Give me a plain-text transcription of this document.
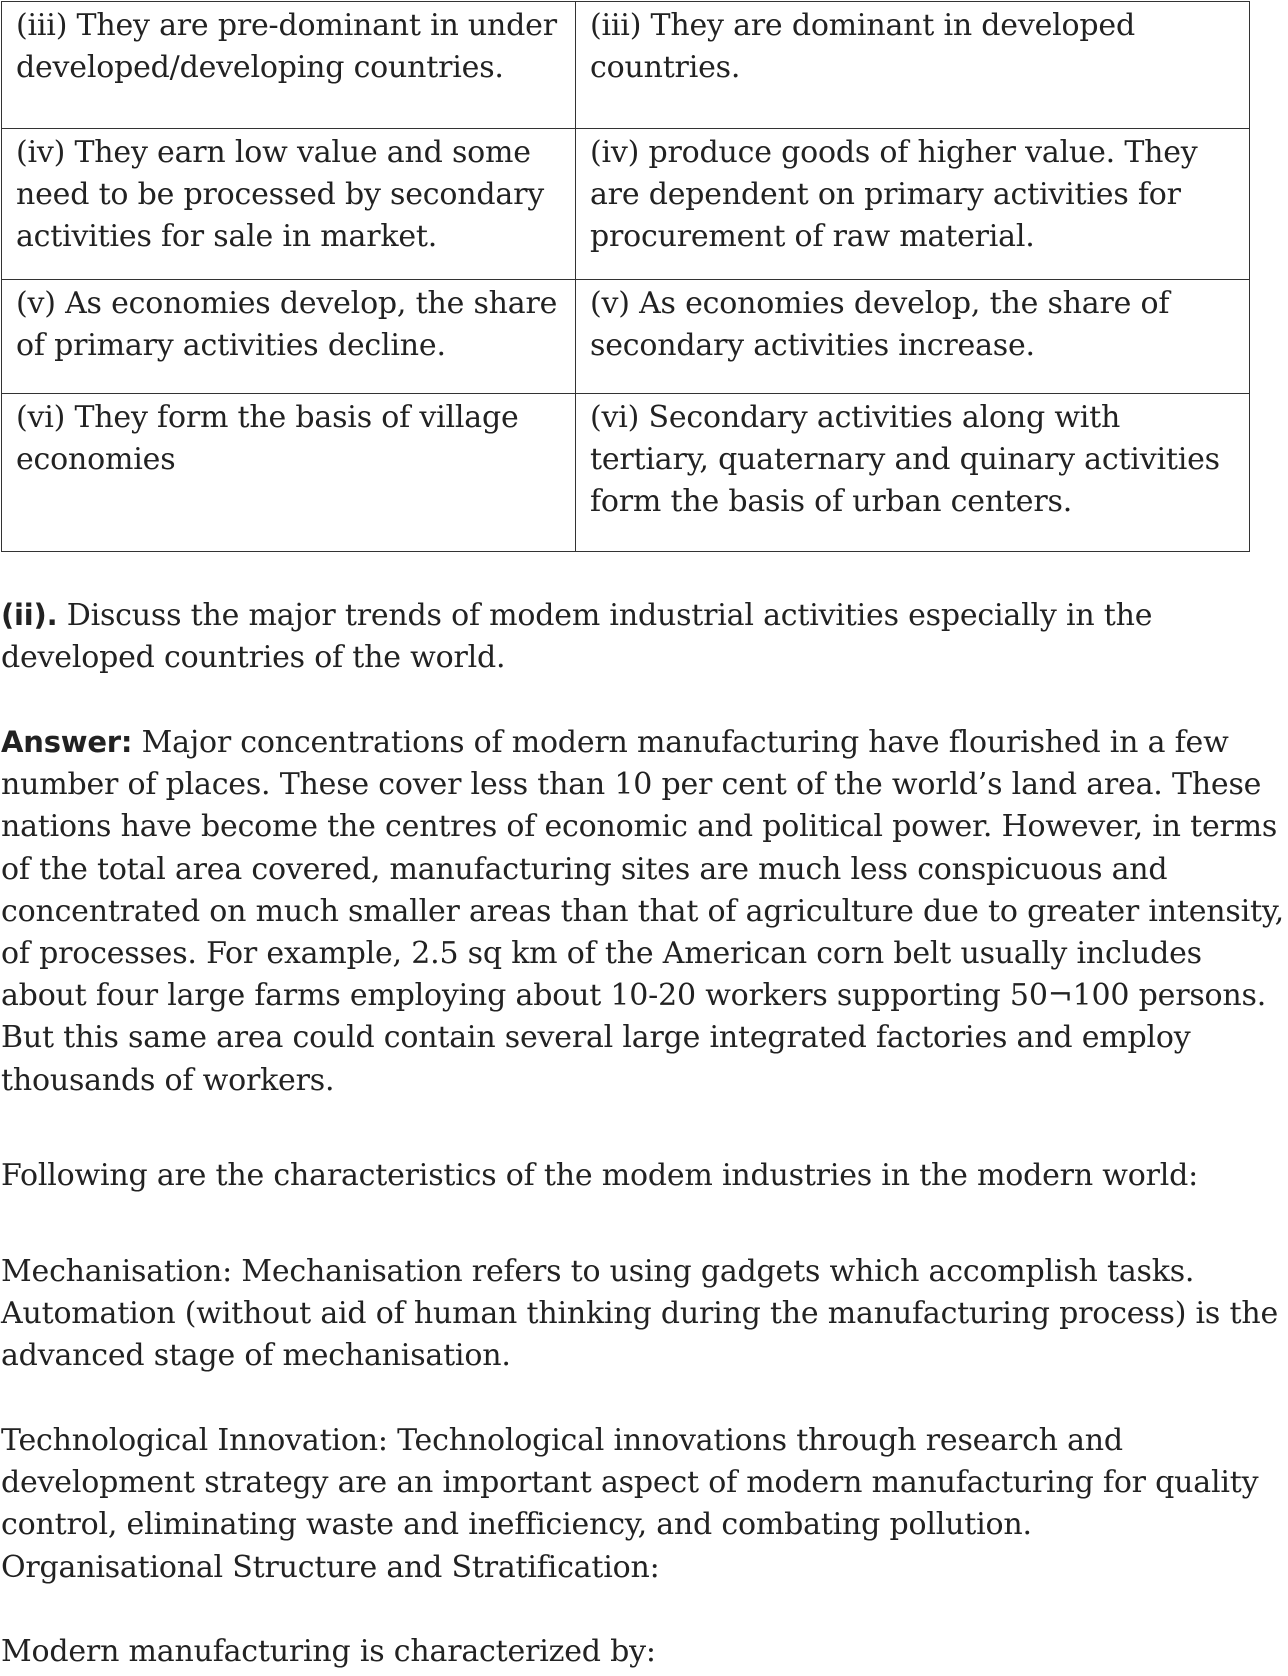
(iii) They are pre-dominant in under developed/developing countries.	(iii) They are dominant in developed countries.
(iv) They earn low value and some need to be processed by secondary activities for sale in market.	(iv) produce goods of higher value. They are dependent on primary activities for procurement of raw material.
(v) As economies develop, the share of primary activities decline.	(v) As economies develop, the share of secondary activities increase.
(vi) They form the basis of village economies	(vi) Secondary activities along with tertiary, quaternary and quinary activities form the basis of urban centers.

(ii). Discuss the major trends of modem industrial activities especially in the developed countries of the world.

Answer: Major concentrations of modern manufacturing have flourished in a few number of places. These cover less than 10 per cent of the world’s land area. These nations have become the centres of economic and political power. However, in terms of the total area covered, manufacturing sites are much less conspicuous and concentrated on much smaller areas than that of agriculture due to greater intensity, of processes. For example, 2.5 sq km of the American corn belt usually includes about four large farms employing about 10-20 workers supporting 50¬100 persons. But this same area could contain several large integrated factories and employ thousands of workers.

Following are the characteristics of the modem industries in the modern world:

Mechanisation: Mechanisation refers to using gadgets which accomplish tasks. Automation (without aid of human thinking during the manufacturing process) is the advanced stage of mechanisation.

Technological Innovation: Technological innovations through research and development strategy are an important aspect of modern manufacturing for quality control, eliminating waste and inefficiency, and combating pollution.
Organisational Structure and Stratification:

Modern manufacturing is characterized by:
